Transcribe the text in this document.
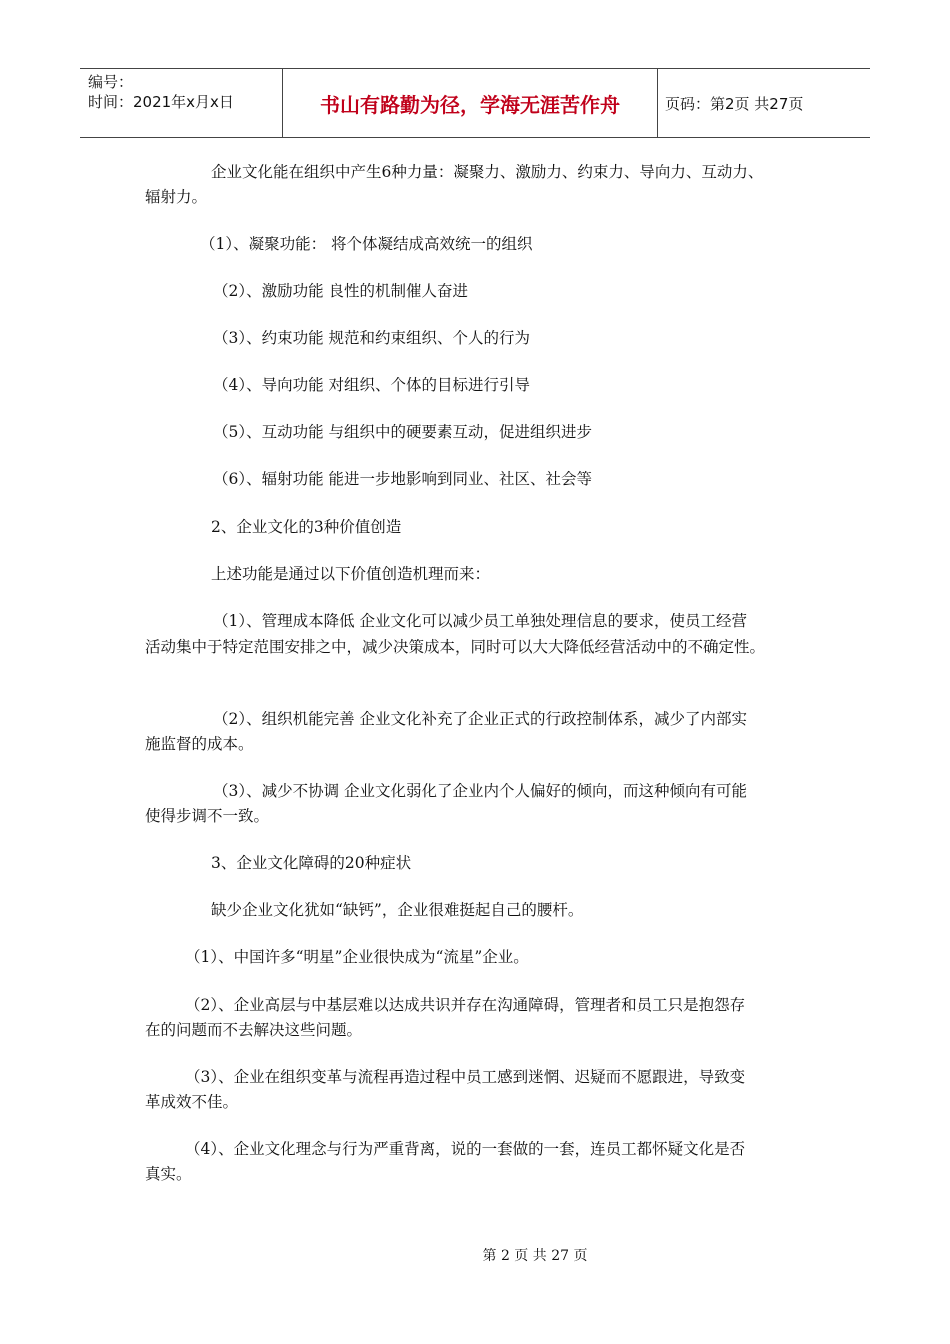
编号：
时间：2021年x月x日	书山有路勤为径，学海无涯苦作舟	页码：第2页 共27页
企业文化能在组织中产生6种力量：凝聚力、激励力、约束力、导向力、互动力、
辐射力。
（1）、凝聚功能： 将个体凝结成高效统一的组织
（2）、激励功能 良性的机制催人奋进
（3）、约束功能 规范和约束组织、个人的行为
（4）、导向功能 对组织、个体的目标进行引导
（5）、互动功能 与组织中的硬要素互动，促进组织进步
（6）、辐射功能 能进一步地影响到同业、社区、社会等
2、企业文化的3种价值创造
上述功能是通过以下价值创造机理而来：
（1）、管理成本降低 企业文化可以减少员工单独处理信息的要求，使员工经营
活动集中于特定范围安排之中，减少决策成本，同时可以大大降低经营活动中的不确定性。
（2）、组织机能完善 企业文化补充了企业正式的行政控制体系，减少了内部实
施监督的成本。
（3）、减少不协调 企业文化弱化了企业内个人偏好的倾向，而这种倾向有可能
使得步调不一致。
3、企业文化障碍的20种症状
缺少企业文化犹如“缺钙”，企业很难挺起自己的腰杆。
（1）、中国许多“明星”企业很快成为“流星”企业。
（2）、企业高层与中基层难以达成共识并存在沟通障碍，管理者和员工只是抱怨存
在的问题而不去解决这些问题。
（3）、企业在组织变革与流程再造过程中员工感到迷惘、迟疑而不愿跟进，导致变
革成效不佳。
（4）、企业文化理念与行为严重背离，说的一套做的一套，连员工都怀疑文化是否
真实。
第 2 页 共 27 页
